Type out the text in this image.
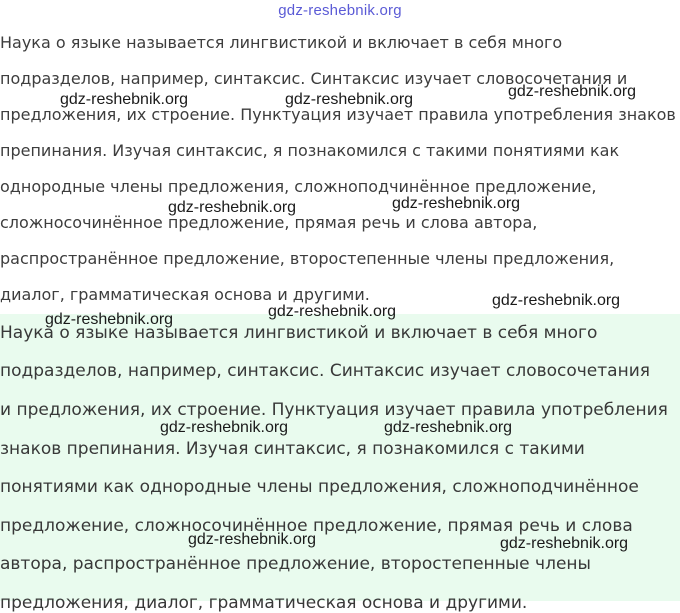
gdz-reshebnik.org
Наука о языке называется лингвистикой и включает в себя много
подразделов, например, синтаксис. Синтаксис изучает словосочетания и
предложения, их строение. Пунктуация изучает правила употребления знаков
препинания. Изучая синтаксис, я познакомился с такими понятиями как
однородные члены предложения, сложноподчинённое предложение,
сложносочинённое предложение, прямая речь и слова автора,
распространённое предложение, второстепенные члены предложения,
диалог, грамматическая основа и другими.
Наука о языке называется лингвистикой и включает в себя много
подразделов, например, синтаксис. Синтаксис изучает словосочетания
и предложения, их строение. Пунктуация изучает правила употребления
знаков препинания. Изучая синтаксис, я познакомился с такими
понятиями как однородные члены предложения, сложноподчинённое
предложение, сложносочинённое предложение, прямая речь и слова
автора, распространённое предложение, второстепенные члены
предложения, диалог, грамматическая основа и другими.
gdz-reshebnik.org	gdz-reshebnik.org	gdz-reshebnik.org
gdz-reshebnik.org	gdz-reshebnik.org
gdz-reshebnik.org
gdz-reshebnik.org
gdz-reshebnik.org
gdz-reshebnik.org	gdz-reshebnik.org
gdz-reshebnik.org	gdz-reshebnik.org
